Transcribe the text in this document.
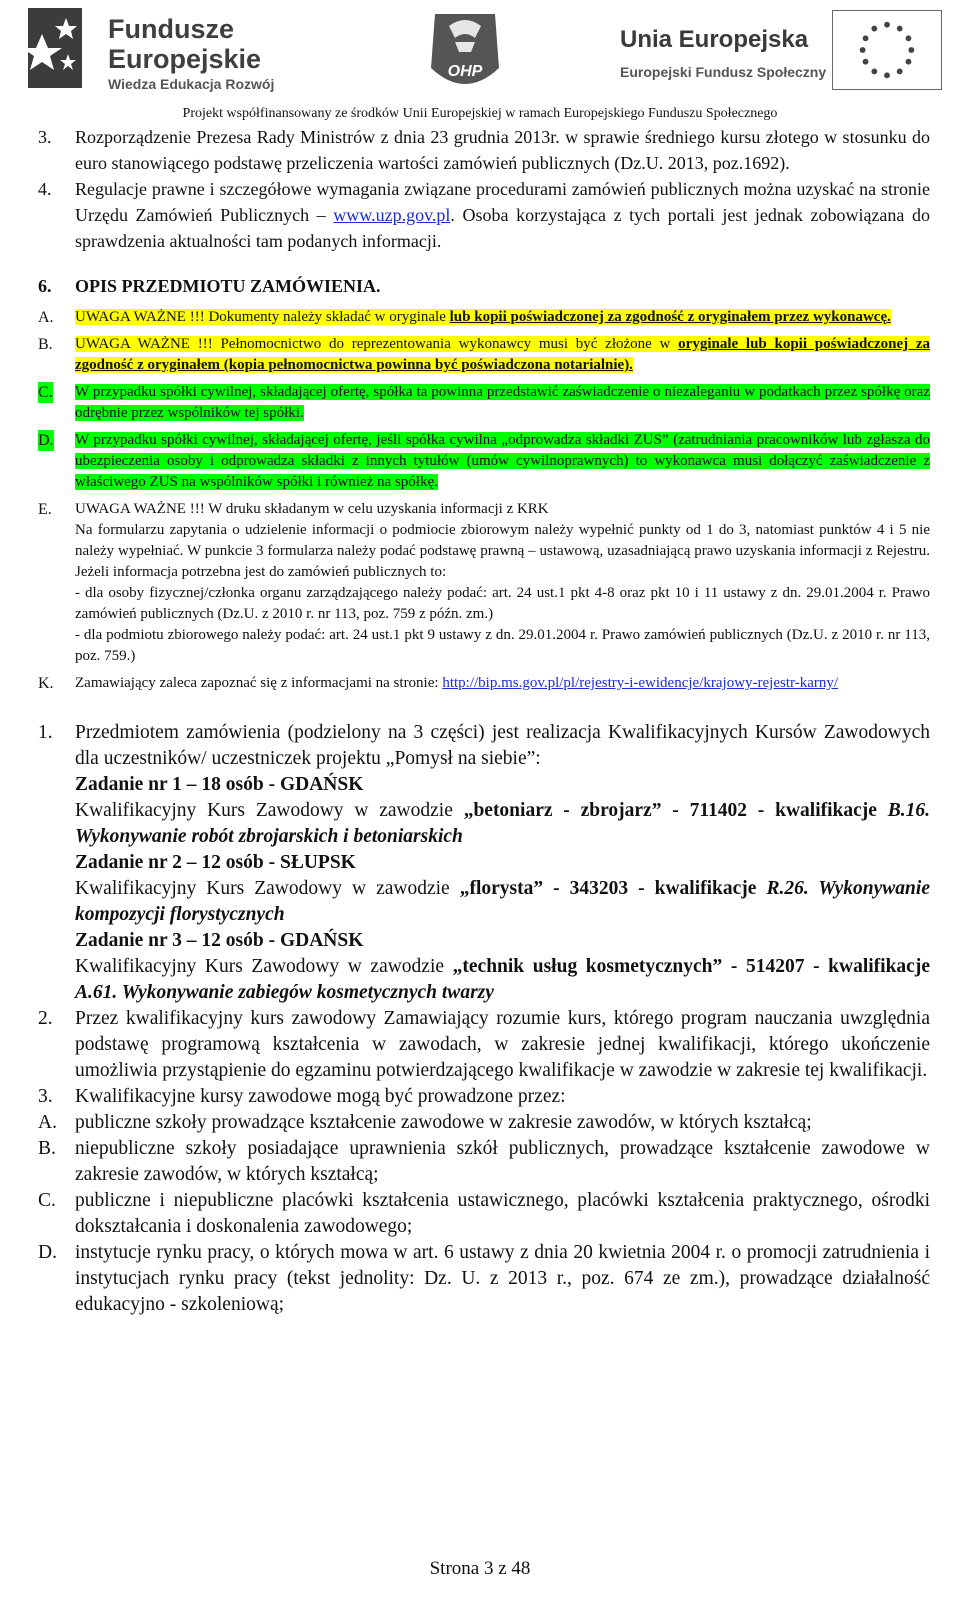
Fundusze
Europejskie
Wiedza Edukacja Rozwój
OHP
Unia Europejska
Europejski Fundusz Społeczny
Projekt współfinansowany ze środków Unii Europejskiej w ramach Europejskiego Funduszu Społecznego
3. Rozporządzenie Prezesa Rady Ministrów z dnia 23 grudnia 2013r. w sprawie średniego kursu złotego w stosunku do euro stanowiącego podstawę przeliczenia wartości zamówień publicznych (Dz.U. 2013, poz.1692).
4. Regulacje prawne i szczegółowe wymagania związane procedurami zamówień publicznych można uzyskać na stronie Urzędu Zamówień Publicznych – www.uzp.gov.pl. Osoba korzystająca z tych portali jest jednak zobowiązana do sprawdzenia aktualności tam podanych informacji.
6. OPIS PRZEDMIOTU ZAMÓWIENIA.
A. UWAGA WAŻNE !!! Dokumenty należy składać w oryginale lub kopii poświadczonej za zgodność z oryginałem przez wykonawcę.
B. UWAGA WAŻNE !!! Pełnomocnictwo do reprezentowania wykonawcy musi być złożone w oryginale lub kopii poświadczonej za zgodność z oryginałem (kopia pełnomocnictwa powinna być poświadczona notarialnie).
C. W przypadku spółki cywilnej, składającej ofertę, spółka ta powinna przedstawić zaświadczenie o niezaleganiu w podatkach przez spółkę oraz odrębnie przez wspólników tej spółki.
D. W przypadku spółki cywilnej, składającej ofertę, jeśli spółka cywilna „odprowadza składki ZUS” (zatrudniania pracowników lub zgłasza do ubezpieczenia osoby i odprowadza składki z innych tytułów (umów cywilnoprawnych) to wykonawca musi dołączyć zaświadczenie z właściwego ZUS na wspólników spółki i również na spółkę.
E. UWAGA WAŻNE !!! W druku składanym w celu uzyskania informacji z KRK
Na formularzu zapytania o udzielenie informacji o podmiocie zbiorowym należy wypełnić punkty od 1 do 3, natomiast punktów 4 i 5 nie należy wypełniać. W punkcie 3 formularza należy podać podstawę prawną – ustawową, uzasadniającą prawo uzyskania informacji z Rejestru. Jeżeli informacja potrzebna jest do zamówień publicznych to:
- dla osoby fizycznej/członka organu zarządzającego należy podać: art. 24 ust.1 pkt 4-8 oraz pkt 10 i 11 ustawy z dn. 29.01.2004 r. Prawo zamówień publicznych (Dz.U. z 2010 r. nr 113, poz. 759 z późn. zm.)
- dla podmiotu zbiorowego należy podać: art. 24 ust.1 pkt 9 ustawy z dn. 29.01.2004 r. Prawo zamówień publicznych (Dz.U. z 2010 r. nr 113, poz. 759.)
K. Zamawiający zaleca zapoznać się z informacjami na stronie: http://bip.ms.gov.pl/pl/rejestry-i-ewidencje/krajowy-rejestr-karny/
1. Przedmiotem zamówienia (podzielony na 3 części) jest realizacja Kwalifikacyjnych Kursów Zawodowych dla uczestników/ uczestniczek projektu „Pomysł na siebie”:
Zadanie nr 1 – 18 osób - GDAŃSK
Kwalifikacyjny Kurs Zawodowy w zawodzie „betoniarz - zbrojarz” - 711402 - kwalifikacje B.16. Wykonywanie robót zbrojarskich i betoniarskich
Zadanie nr 2 – 12 osób - SŁUPSK
Kwalifikacyjny Kurs Zawodowy w zawodzie „florysta” - 343203 - kwalifikacje R.26. Wykonywanie kompozycji florystycznych
Zadanie nr 3 – 12 osób - GDAŃSK
Kwalifikacyjny Kurs Zawodowy w zawodzie „technik usług kosmetycznych” - 514207 - kwalifikacje A.61. Wykonywanie zabiegów kosmetycznych twarzy
2. Przez kwalifikacyjny kurs zawodowy Zamawiający rozumie kurs, którego program nauczania uwzględnia podstawę programową kształcenia w zawodach, w zakresie jednej kwalifikacji, którego ukończenie umożliwia przystąpienie do egzaminu potwierdzającego kwalifikacje w zawodzie w zakresie tej kwalifikacji.
3. Kwalifikacyjne kursy zawodowe mogą być prowadzone przez:
A. publiczne szkoły prowadzące kształcenie zawodowe w zakresie zawodów, w których kształcą;
B. niepubliczne szkoły posiadające uprawnienia szkół publicznych, prowadzące kształcenie zawodowe w zakresie zawodów, w których kształcą;
C. publiczne i niepubliczne placówki kształcenia ustawicznego, placówki kształcenia praktycznego, ośrodki dokształcania i doskonalenia zawodowego;
D. instytucje rynku pracy, o których mowa w art. 6 ustawy z dnia 20 kwietnia 2004 r. o promocji zatrudnienia i instytucjach rynku pracy (tekst jednolity: Dz. U. z 2013 r., poz. 674 ze zm.), prowadzące działalność edukacyjno - szkoleniową;
Strona 3 z 48
